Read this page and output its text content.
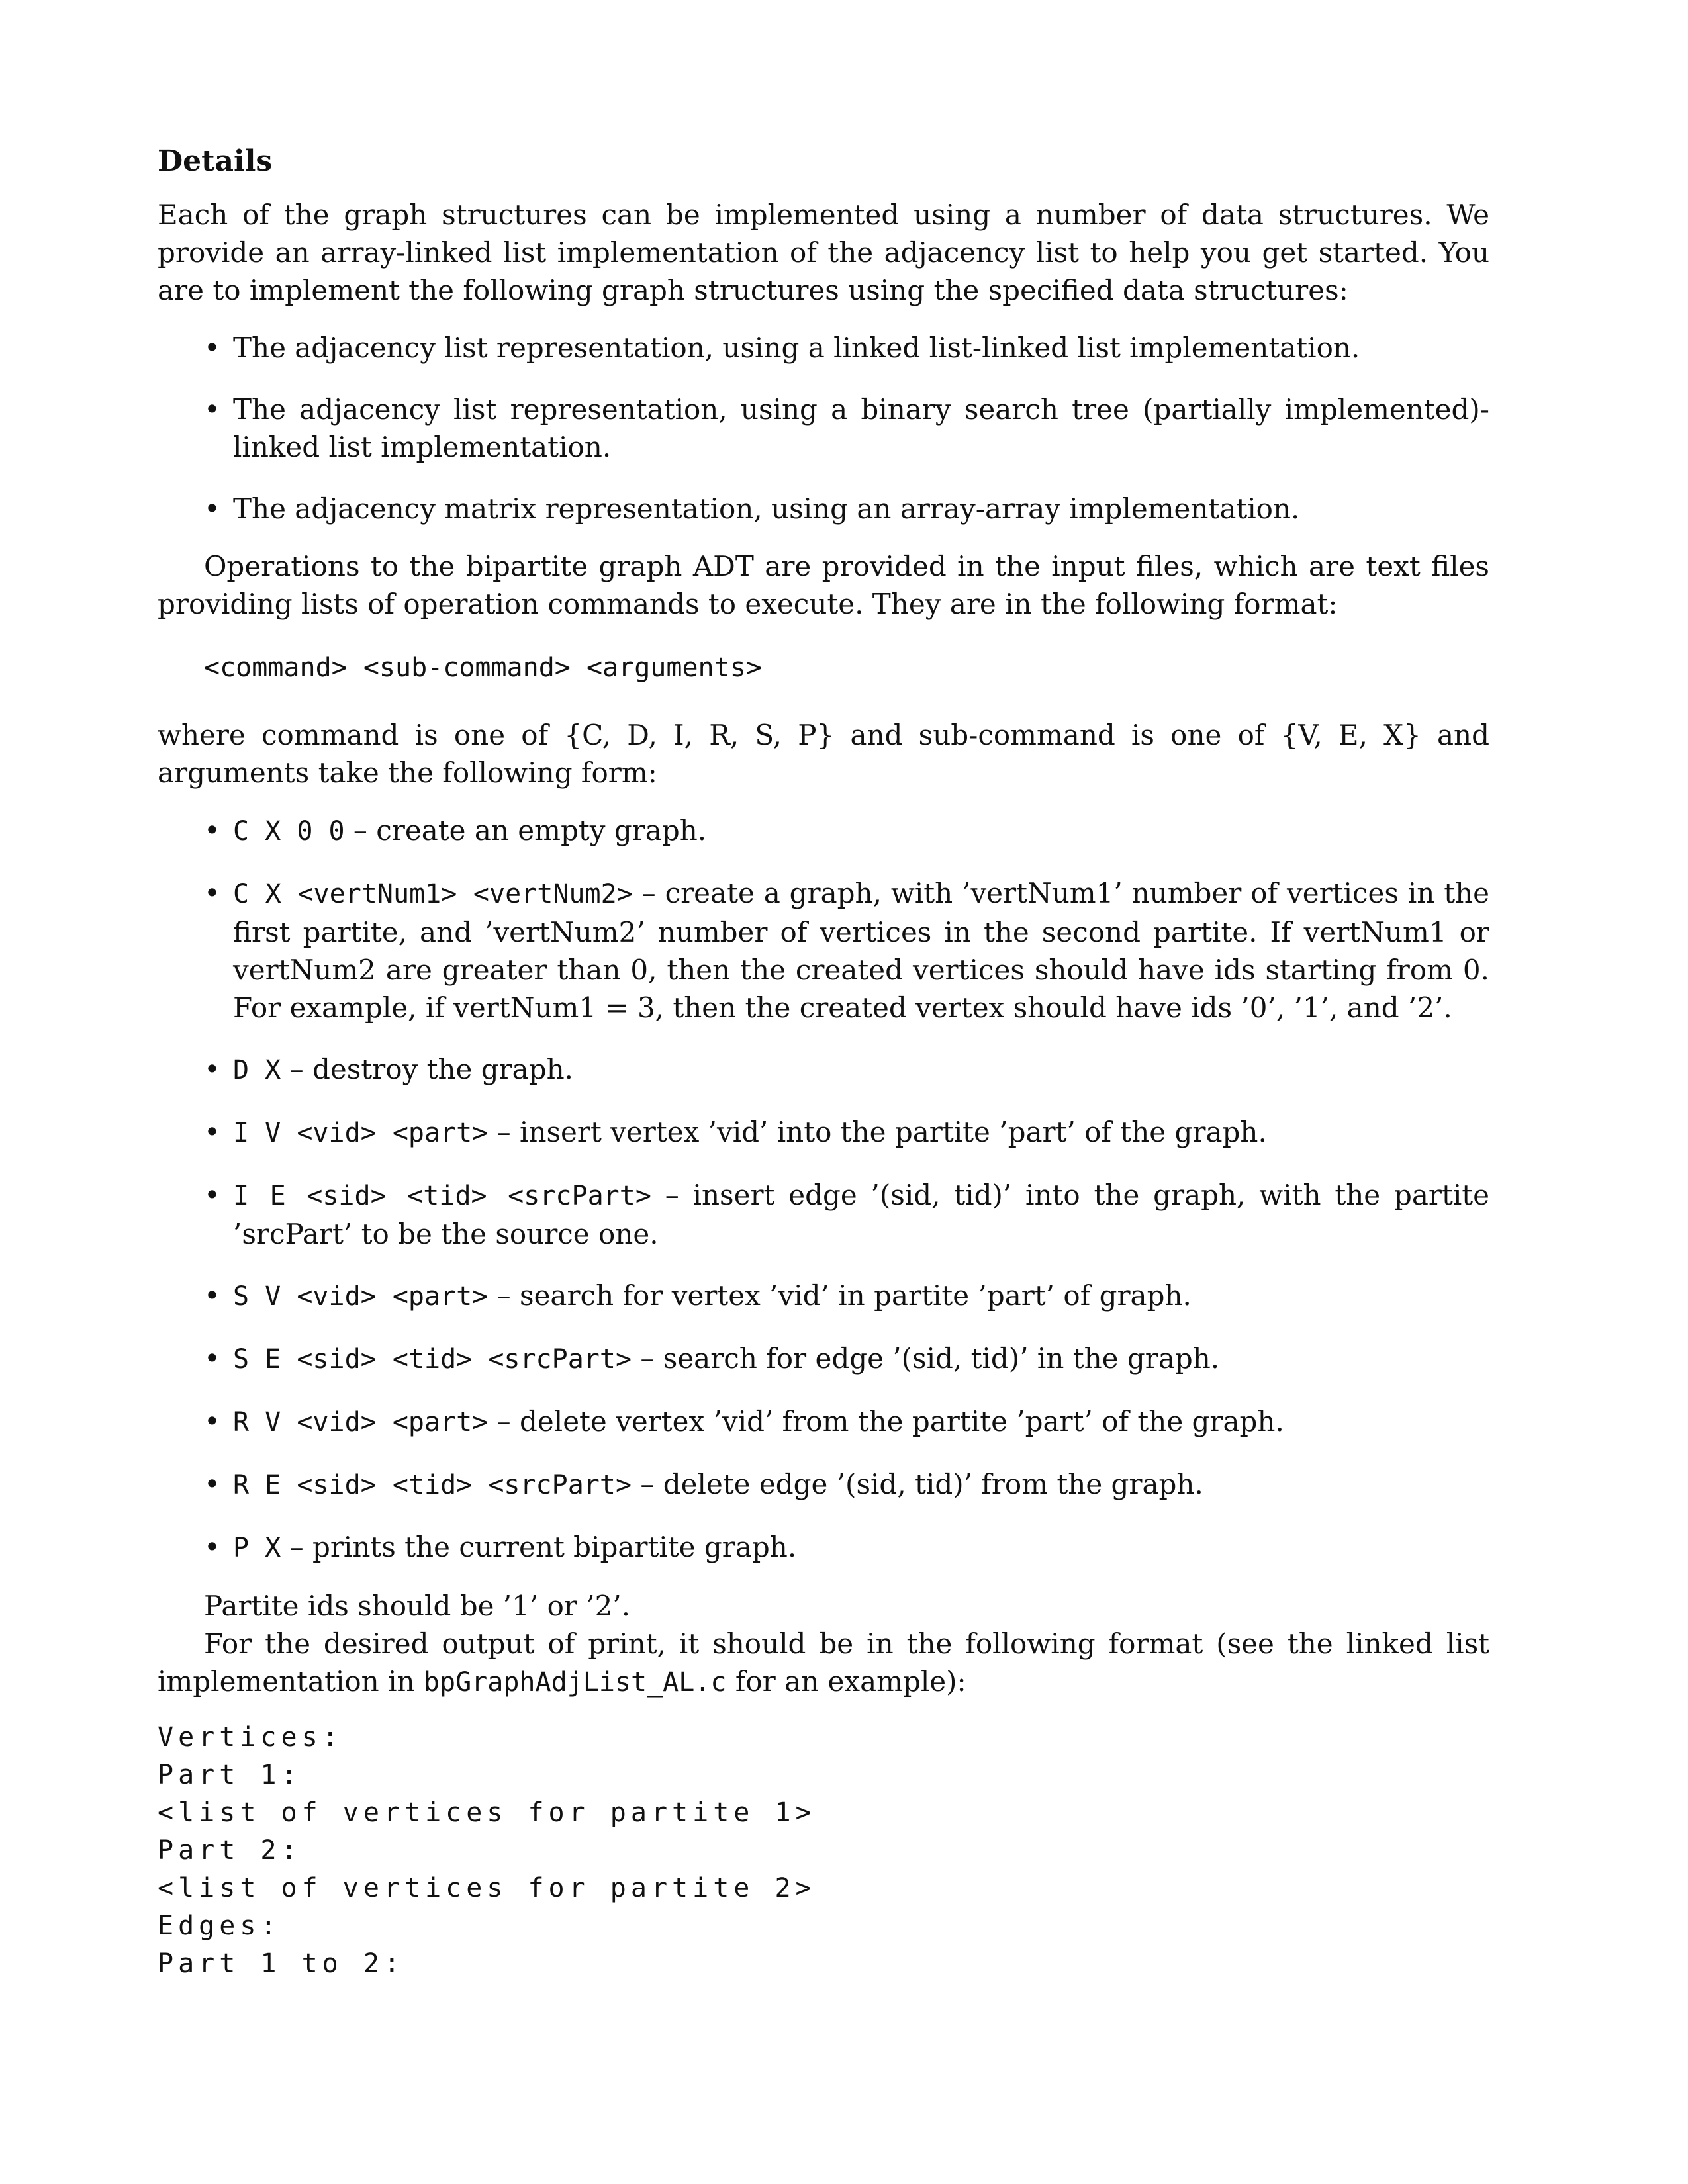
Details

Each of the graph structures can be implemented using a number of data structures. We provide an array-linked list implementation of the adjacency list to help you get started. You are to implement the following graph structures using the specified data structures:

• The adjacency list representation, using a linked list-linked list implementation.
• The adjacency list representation, using a binary search tree (partially implemented)-linked list implementation.
• The adjacency matrix representation, using an array-array implementation.

Operations to the bipartite graph ADT are provided in the input files, which are text files providing lists of operation commands to execute. They are in the following format:

<command> <sub-command> <arguments>

where command is one of {C, D, I, R, S, P} and sub-command is one of {V, E, X} and arguments take the following form:

• C X 0 0 – create an empty graph.
• C X <vertNum1> <vertNum2> – create a graph, with ’vertNum1’ number of vertices in the first partite, and ’vertNum2’ number of vertices in the second partite. If vertNum1 or vertNum2 are greater than 0, then the created vertices should have ids starting from 0. For example, if vertNum1 = 3, then the created vertex should have ids ’0’, ’1’, and ’2’.
• D X – destroy the graph.
• I V <vid> <part> – insert vertex ’vid’ into the partite ’part’ of the graph.
• I E <sid> <tid> <srcPart> – insert edge ’(sid, tid)’ into the graph, with the partite ’srcPart’ to be the source one.
• S V <vid> <part> – search for vertex ’vid’ in partite ’part’ of graph.
• S E <sid> <tid> <srcPart> – search for edge ’(sid, tid)’ in the graph.
• R V <vid> <part> – delete vertex ’vid’ from the partite ’part’ of the graph.
• R E <sid> <tid> <srcPart> – delete edge ’(sid, tid)’ from the graph.
• P X – prints the current bipartite graph.

Partite ids should be ’1’ or ’2’.

For the desired output of print, it should be in the following format (see the linked list implementation in bpGraphAdjList_AL.c for an example):

Vertices:
Part 1:
<list of vertices for partite 1>
Part 2:
<list of vertices for partite 2>
Edges:
Part 1 to 2:
